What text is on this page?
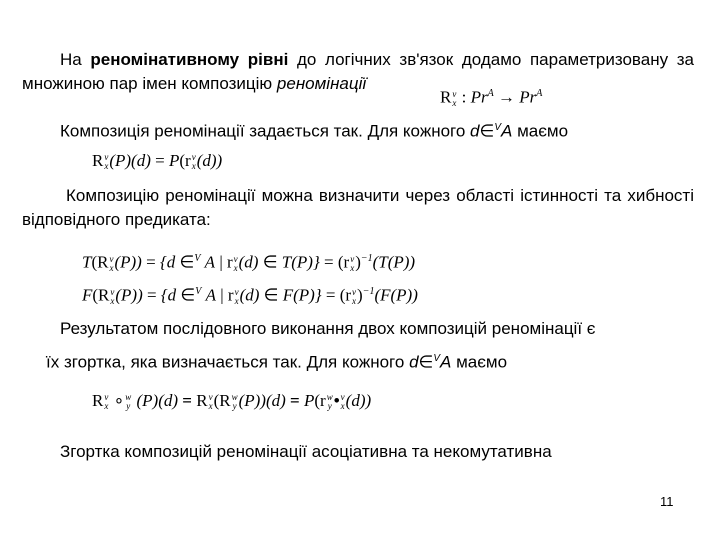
На реномінативному рівні до логічних зв'язок додамо параметризовану за множиною пар імен композицію реномінації
R v
x : $Pr^A \to Pr^A$
Композиція реномінації задається так. Для кожного d∈$^V$A маємо
R v
x (P)(d) = P(r v
x (d))
Композицію реномінації можна визначити через області істинності та хибності відповідного предиката:
T(R v
x (P)) = {d ∈$^V$ A | r v
x (d) ∈ T(P)} = (r v
x )$^{-1}$(T(P))
F(R v
x (P)) = {d ∈$^V$ A | r v
x (d) ∈ F(P)} = (r v
x )$^{-1}$(F(P))
Результатом послідовного виконання двох композицій реномінації є
їх згортка, яка визначається так. Для кожного d∈$^V$A маємо
R v
x ∘ w
y (P)(d) = R v
x (R w
y (P))(d) = P(r w
y • v
x (d))
Згортка композицій реномінації асоціативна та некомутативна
11
